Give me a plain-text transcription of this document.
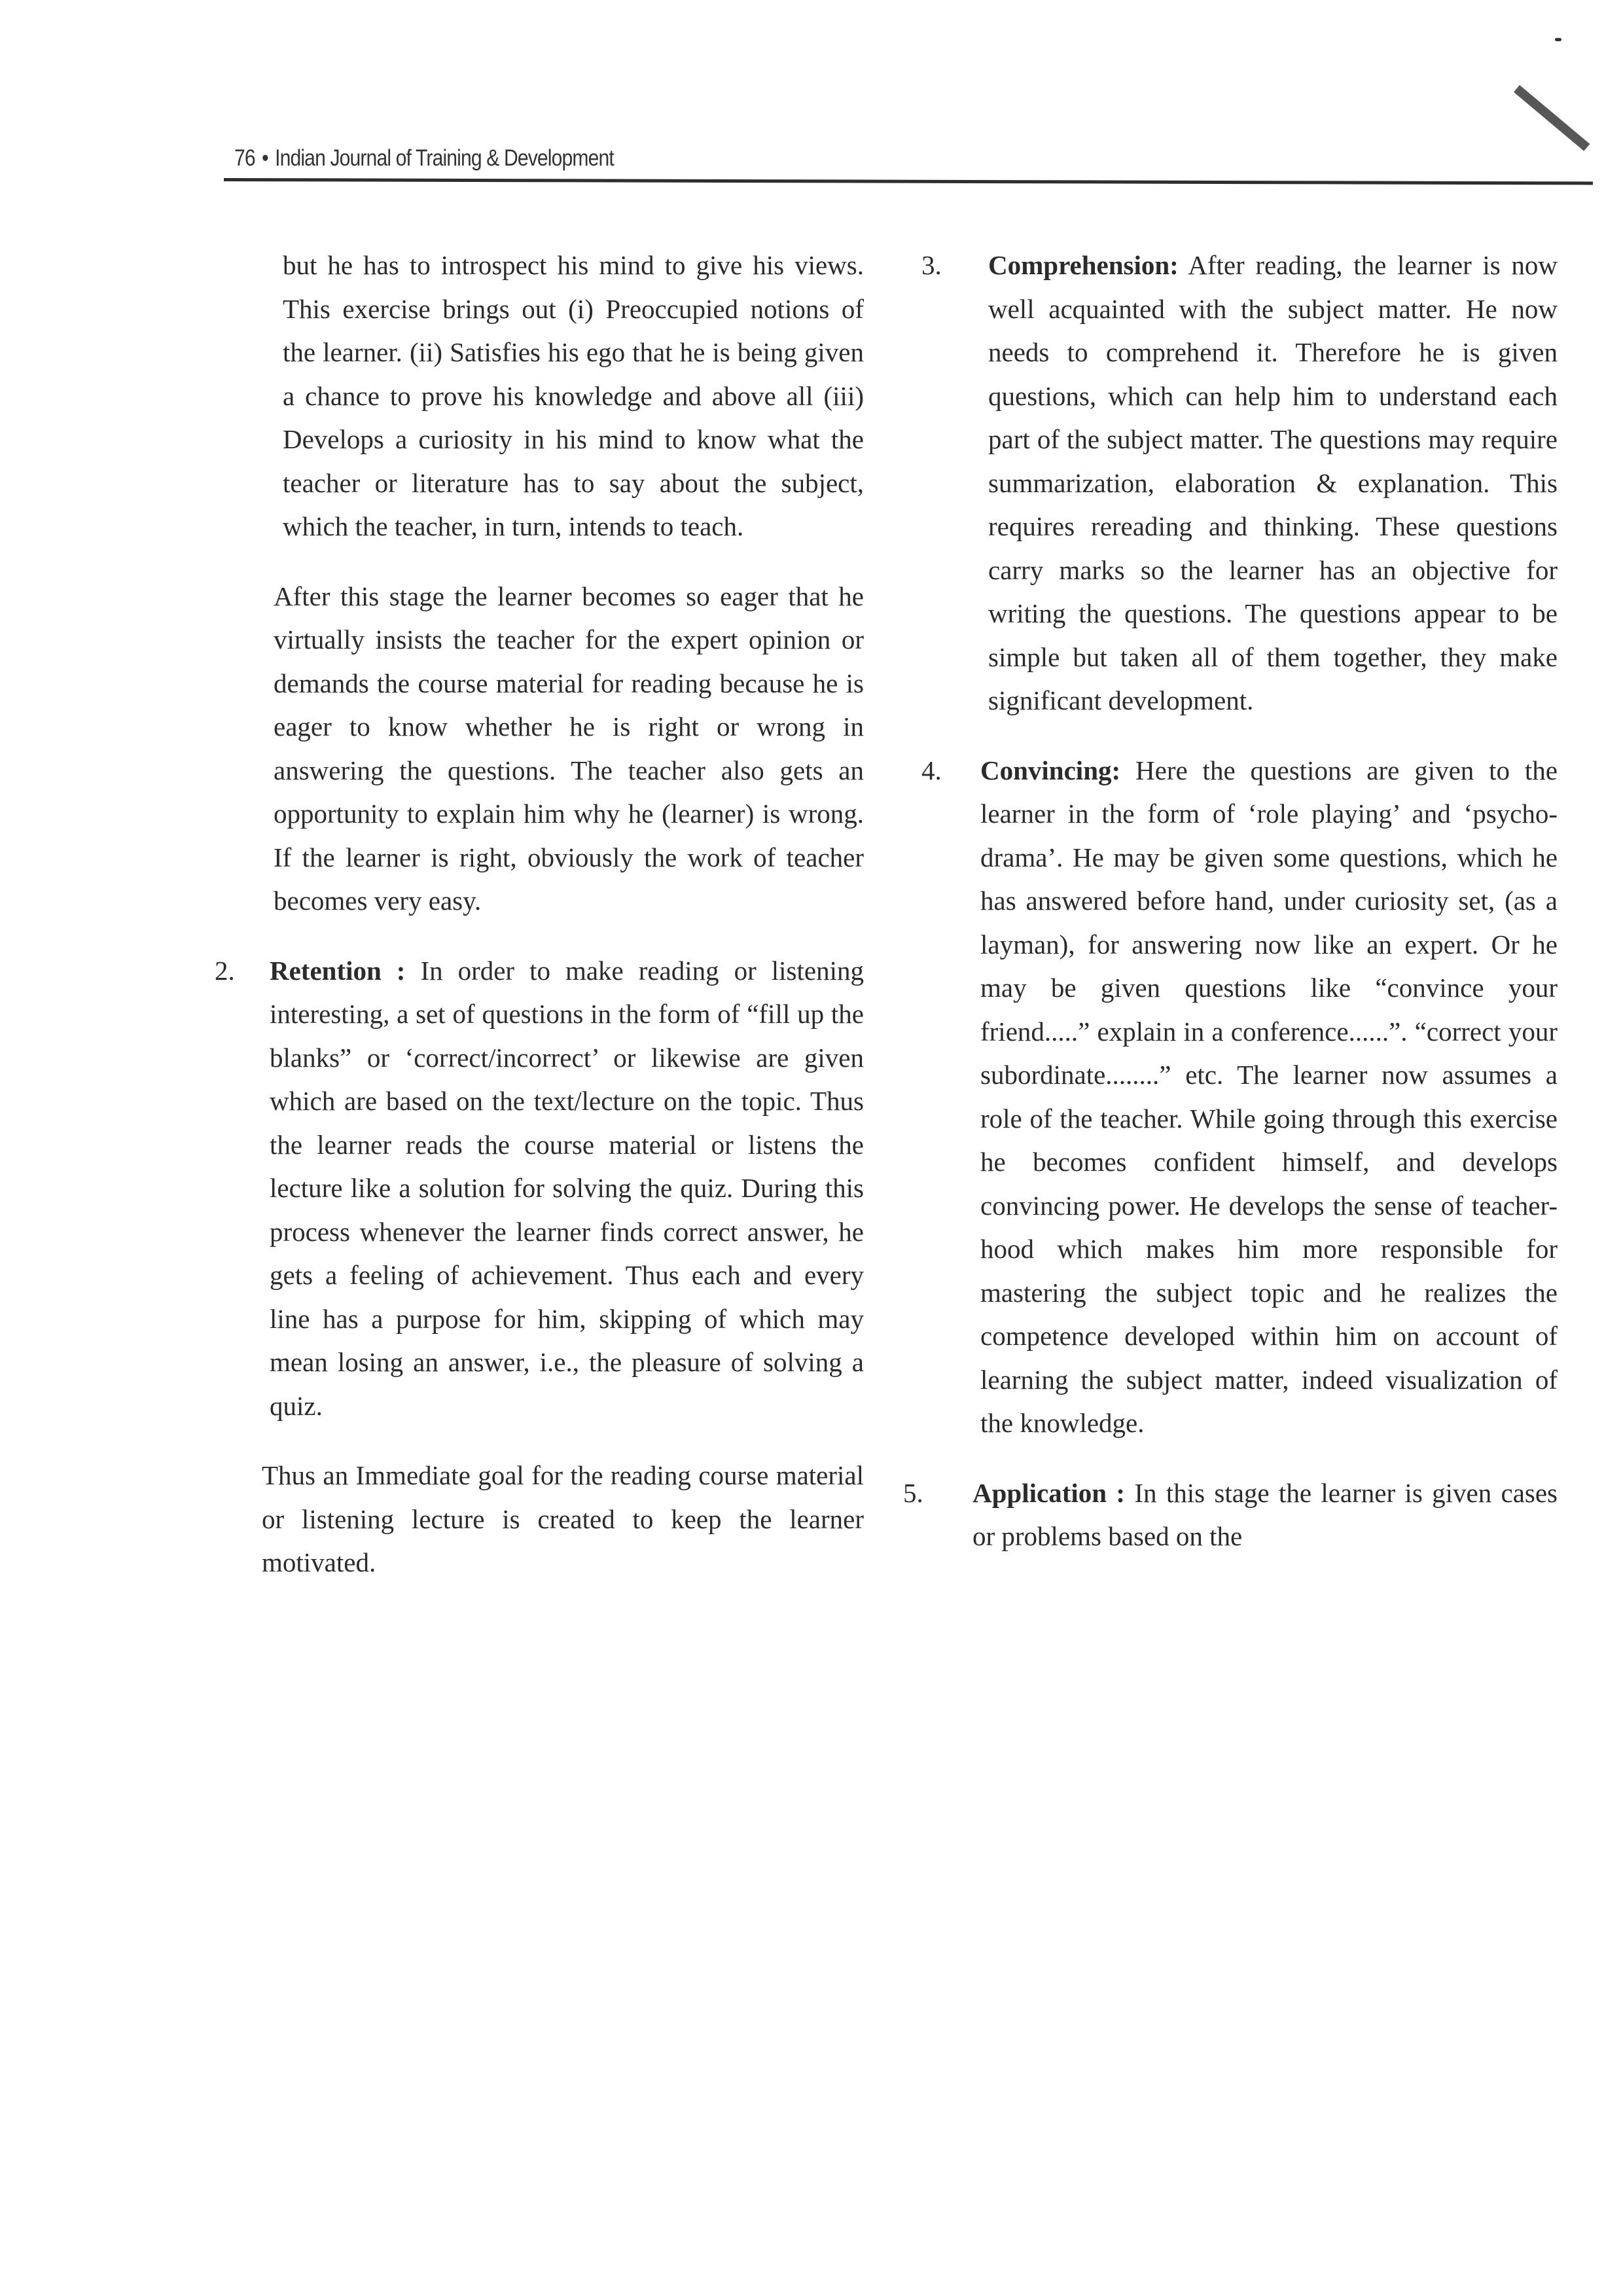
76 • Indian Journal of Training & Development

but he has to introspect his mind to give his views. This exercise brings out (i) Preoccupied notions of the learner. (ii) Satisfies his ego that he is being given a chance to prove his knowledge and above all (iii) Develops a curiosity in his mind to know what the teacher or literature has to say about the subject, which the teacher, in turn, intends to teach.

After this stage the learner becomes so eager that he virtually insists the teacher for the expert opinion or demands the course material for reading because he is eager to know whether he is right or wrong in answering the questions. The teacher also gets an opportunity to explain him why he (learner) is wrong. If the learner is right, obviously the work of teacher becomes very easy.

2. Retention : In order to make reading or listening interesting, a set of questions in the form of “fill up the blanks” or ‘correct/incorrect’ or likewise are given which are based on the text/lecture on the topic. Thus the learner reads the course material or listens the lecture like a solution for solving the quiz. During this process whenever the learner finds correct answer, he gets a feeling of achievement. Thus each and every line has a purpose for him, skipping of which may mean losing an answer, i.e., the pleasure of solving a quiz.

Thus an Immediate goal for the reading course material or listening lecture is created to keep the learner motivated.

3. Comprehension: After reading, the learner is now well acquainted with the subject matter. He now needs to comprehend it. Therefore he is given questions, which can help him to understand each part of the subject matter. The questions may require summarization, elaboration & explanation. This requires rereading and thinking. These questions carry marks so the learner has an objective for writing the questions. The questions appear to be simple but taken all of them together, they make significant development.
4. Convincing: Here the questions are given to the learner in the form of ‘role playing’ and ‘psycho-drama’. He may be given some questions, which he has answered before hand, under curiosity set, (as a layman), for answering now like an expert. Or he may be given questions like “convince your friend.....” explain in a conference......”. “correct your subordinate........” etc. The learner now assumes a role of the teacher. While going through this exercise he becomes confident himself, and develops convincing power. He develops the sense of teacher-hood which makes him more responsible for mastering the subject topic and he realizes the competence developed within him on account of learning the subject matter, indeed visualization of the knowledge.
5. Application : In this stage the learner is given cases or problems based on the
